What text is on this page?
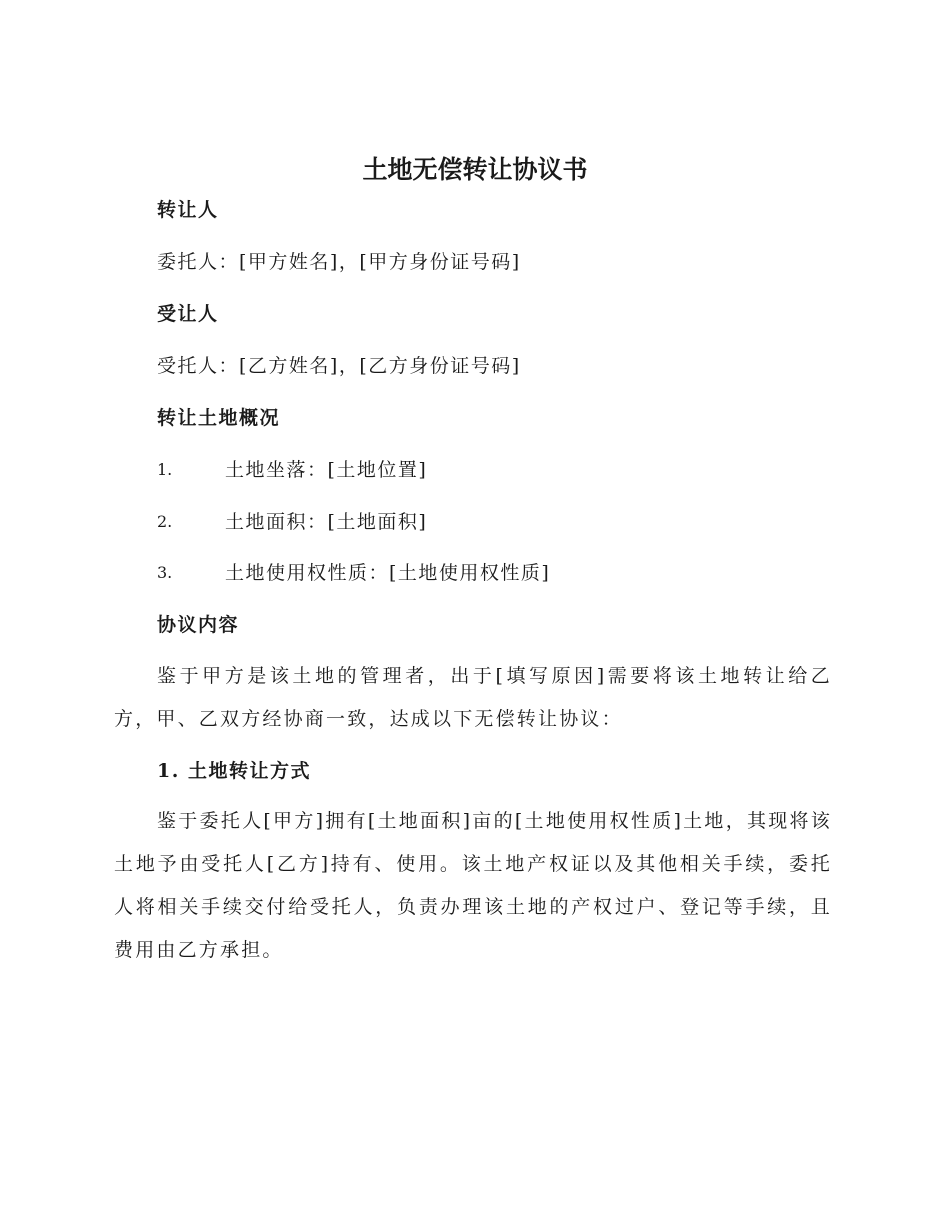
土地无偿转让协议书
转让人
委托人：[甲方姓名]，[甲方身份证号码]
受让人
受托人：[乙方姓名]，[乙方身份证号码]
转让土地概况
1.	土地坐落：[土地位置]
2.	土地面积：[土地面积]
3.	土地使用权性质：[土地使用权性质]
协议内容
鉴于甲方是该土地的管理者，出于[填写原因]需要将该土地转让给乙方，甲、乙双方经协商一致，达成以下无偿转让协议：
1. 土地转让方式
鉴于委托人[甲方]拥有[土地面积]亩的[土地使用权性质]土地，其现将该土地予由受托人[乙方]持有、使用。该土地产权证以及其他相关手续，委托人将相关手续交付给受托人，负责办理该土地的产权过户、登记等手续，且费用由乙方承担。
